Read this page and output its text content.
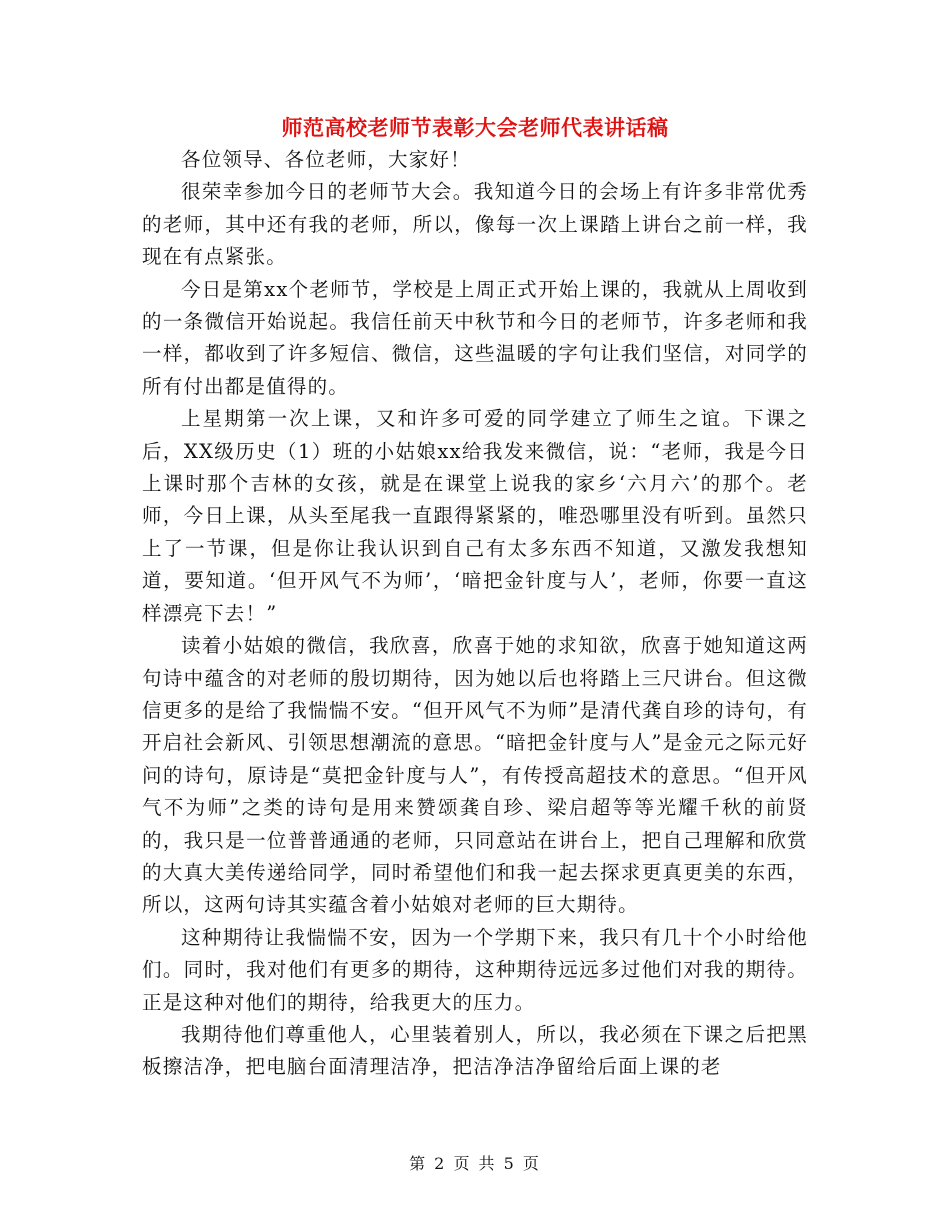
师范高校老师节表彰大会老师代表讲话稿

各位领导、各位老师，大家好！

很荣幸参加今日的老师节大会。我知道今日的会场上有许多非常优秀的老师，其中还有我的老师，所以，像每一次上课踏上讲台之前一样，我现在有点紧张。

今日是第xx个老师节，学校是上周正式开始上课的，我就从上周收到的一条微信开始说起。我信任前天中秋节和今日的老师节，许多老师和我一样，都收到了许多短信、微信，这些温暖的字句让我们坚信，对同学的所有付出都是值得的。

上星期第一次上课，又和许多可爱的同学建立了师生之谊。下课之后，XX级历史（1）班的小姑娘xx给我发来微信，说：“老师，我是今日上课时那个吉林的女孩，就是在课堂上说我的家乡‘六月六’的那个。老师，今日上课，从头至尾我一直跟得紧紧的，唯恐哪里没有听到。虽然只上了一节课，但是你让我认识到自己有太多东西不知道，又激发我想知道，要知道。‘但开风气不为师’，‘暗把金针度与人’，老师，你要一直这样漂亮下去！”

读着小姑娘的微信，我欣喜，欣喜于她的求知欲，欣喜于她知道这两句诗中蕴含的对老师的殷切期待，因为她以后也将踏上三尺讲台。但这微信更多的是给了我惴惴不安。“但开风气不为师”是清代龚自珍的诗句，有开启社会新风、引领思想潮流的意思。“暗把金针度与人”是金元之际元好问的诗句，原诗是“莫把金针度与人”，有传授高超技术的意思。“但开风气不为师”之类的诗句是用来赞颂龚自珍、梁启超等等光耀千秋的前贤的，我只是一位普普通通的老师，只同意站在讲台上，把自己理解和欣赏的大真大美传递给同学，同时希望他们和我一起去探求更真更美的东西，所以，这两句诗其实蕴含着小姑娘对老师的巨大期待。

这种期待让我惴惴不安，因为一个学期下来，我只有几十个小时给他们。同时，我对他们有更多的期待，这种期待远远多过他们对我的期待。正是这种对他们的期待，给我更大的压力。

我期待他们尊重他人，心里装着别人，所以，我必须在下课之后把黑板擦洁净，把电脑台面清理洁净，把洁净洁净留给后面上课的老

第 2 页 共 5 页
